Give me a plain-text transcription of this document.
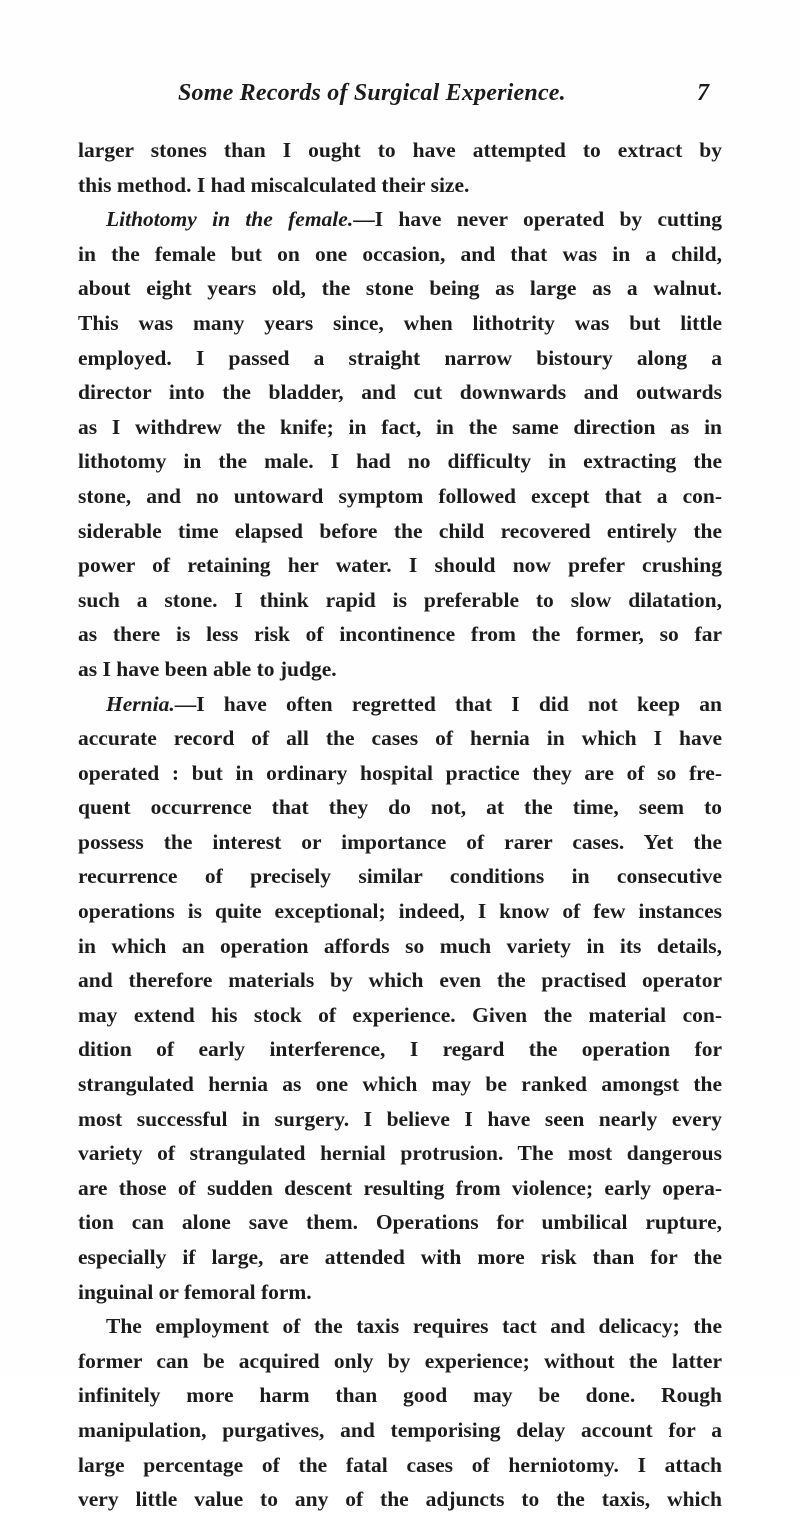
Some Records of Surgical Experience.	7
larger stones than I ought to have attempted to extract by
this method. I had miscalculated their size.
Lithotomy in the female.—I have never operated by cutting
in the female but on one occasion, and that was in a child,
about eight years old, the stone being as large as a walnut.
This was many years since, when lithotrity was but little
employed. I passed a straight narrow bistoury along a
director into the bladder, and cut downwards and outwards
as I withdrew the knife; in fact, in the same direction as in
lithotomy in the male. I had no difficulty in extracting the
stone, and no untoward symptom followed except that a con-
siderable time elapsed before the child recovered entirely the
power of retaining her water. I should now prefer crushing
such a stone. I think rapid is preferable to slow dilatation,
as there is less risk of incontinence from the former, so far
as I have been able to judge.
Hernia.—I have often regretted that I did not keep an
accurate record of all the cases of hernia in which I have
operated : but in ordinary hospital practice they are of so fre-
quent occurrence that they do not, at the time, seem to
possess the interest or importance of rarer cases. Yet the
recurrence of precisely similar conditions in consecutive
operations is quite exceptional; indeed, I know of few instances
in which an operation affords so much variety in its details,
and therefore materials by which even the practised operator
may extend his stock of experience. Given the material con-
dition of early interference, I regard the operation for
strangulated hernia as one which may be ranked amongst the
most successful in surgery. I believe I have seen nearly every
variety of strangulated hernial protrusion. The most dangerous
are those of sudden descent resulting from violence; early opera-
tion can alone save them. Operations for umbilical rupture,
especially if large, are attended with more risk than for the
inguinal or femoral form.
The employment of the taxis requires tact and delicacy; the
former can be acquired only by experience; without the latter
infinitely more harm than good may be done. Rough
manipulation, purgatives, and temporising delay account for a
large percentage of the fatal cases of herniotomy. I attach
very little value to any of the adjuncts to the taxis, which
